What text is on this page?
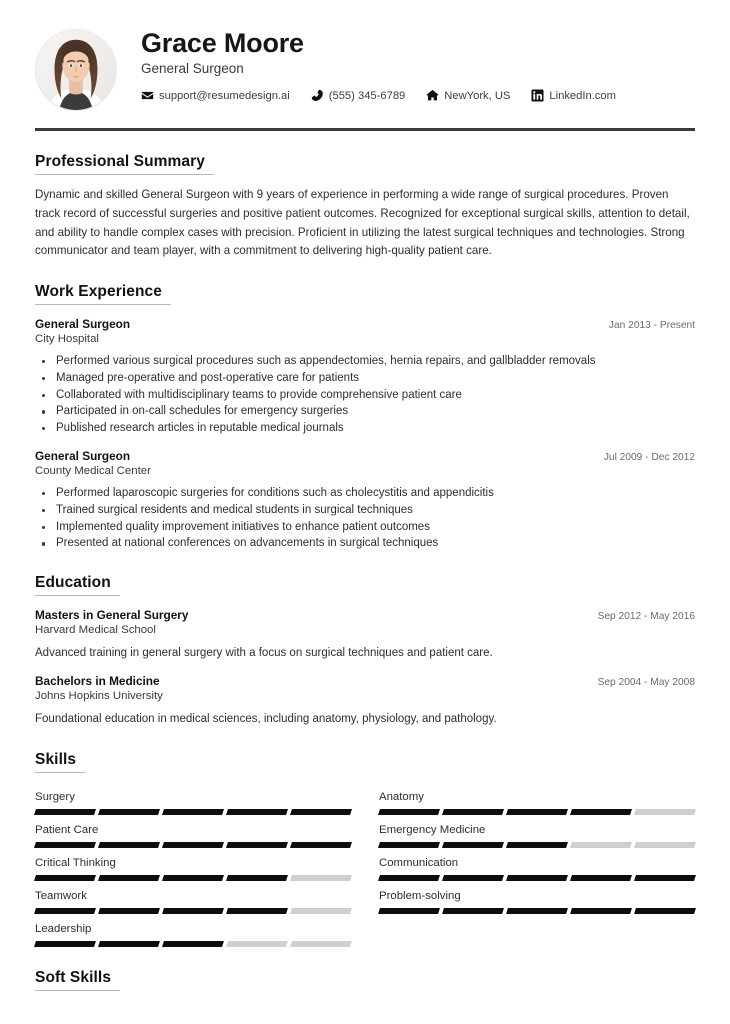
Grace Moore
General Surgeon
support@resumedesign.ai	(555) 345-6789	NewYork, US	LinkedIn.com
Professional Summary
Dynamic and skilled General Surgeon with 9 years of experience in performing a wide range of surgical procedures. Proven track record of successful surgeries and positive patient outcomes. Recognized for exceptional surgical skills, attention to detail, and ability to handle complex cases with precision. Proficient in utilizing the latest surgical techniques and technologies. Strong communicator and team player, with a commitment to delivering high-quality patient care.
Work Experience
General Surgeon	Jan 2013 - Present
City Hospital
Performed various surgical procedures such as appendectomies, hernia repairs, and gallbladder removals
Managed pre-operative and post-operative care for patients
Collaborated with multidisciplinary teams to provide comprehensive patient care
Participated in on-call schedules for emergency surgeries
Published research articles in reputable medical journals
General Surgeon	Jul 2009 - Dec 2012
County Medical Center
Performed laparoscopic surgeries for conditions such as cholecystitis and appendicitis
Trained surgical residents and medical students in surgical techniques
Implemented quality improvement initiatives to enhance patient outcomes
Presented at national conferences on advancements in surgical techniques
Education
Masters in General Surgery	Sep 2012 - May 2016
Harvard Medical School
Advanced training in general surgery with a focus on surgical techniques and patient care.
Bachelors in Medicine	Sep 2004 - May 2008
Johns Hopkins University
Foundational education in medical sciences, including anatomy, physiology, and pathology.
Skills
Surgery	Anatomy
Patient Care	Emergency Medicine
Critical Thinking	Communication
Teamwork	Problem-solving
Leadership
Soft Skills
